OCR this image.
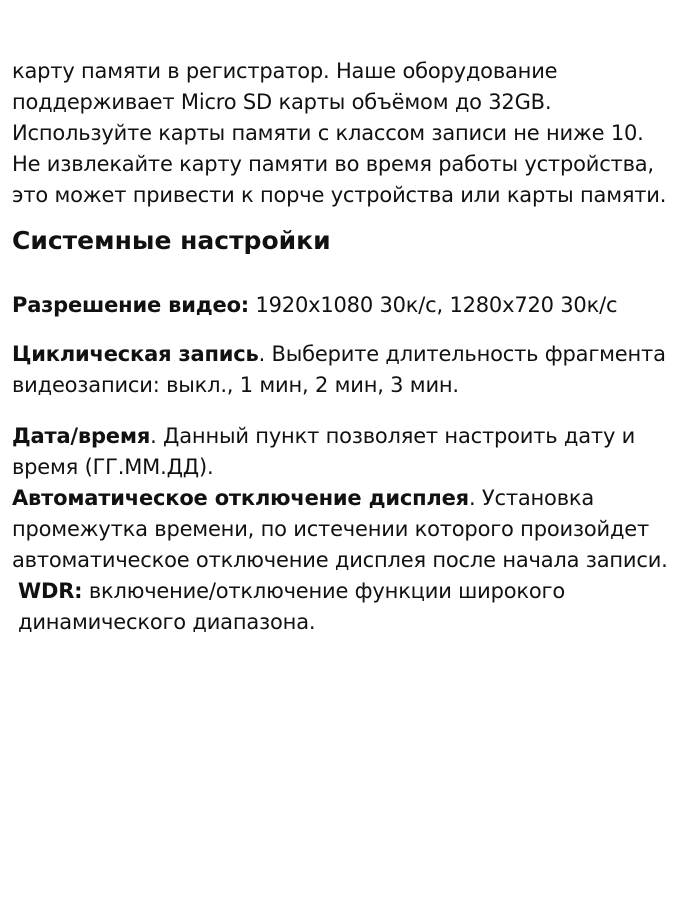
карту памяти в регистратор. Наше оборудование поддерживает Micro SD карты объёмом до 32GB. Используйте карты памяти с классом записи не ниже 10. Не извлекайте карту памяти во время работы устройства, это может привести к порче устройства или карты памяти.

Системные настройки

Разрешение видео: 1920x1080 30к/с, 1280x720 30к/с

Циклическая запись. Выберите длительность фрагмента видеозаписи: выкл., 1 мин, 2 мин, 3 мин.

Дата/время. Данный пункт позволяет настроить дату и время (ГГ.ММ.ДД).

Автоматическое отключение дисплея. Установка промежутка времени, по истечении которого произойдет автоматическое отключение дисплея после начала записи.

WDR: включение/отключение функции широкого динамического диапазона.
